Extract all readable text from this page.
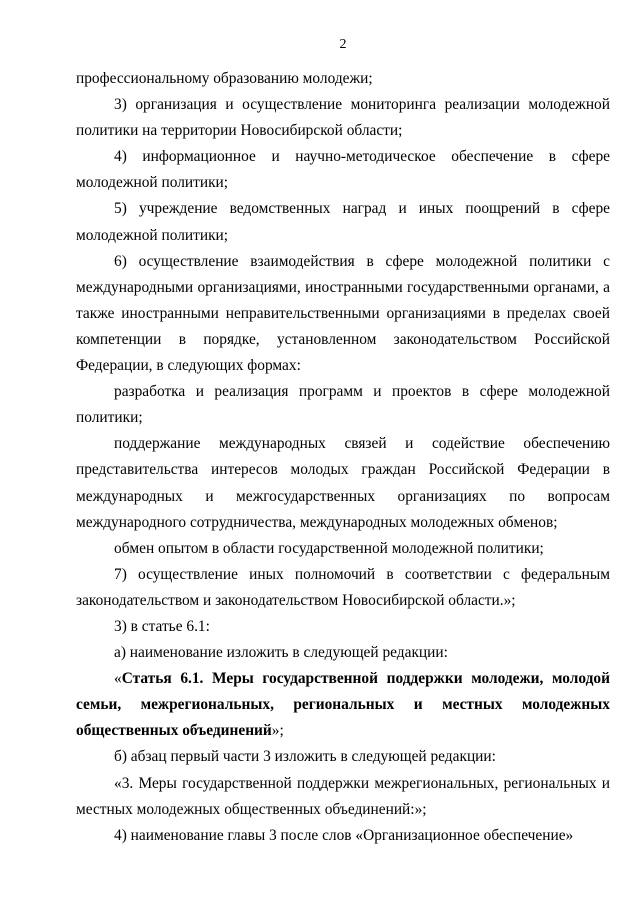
2

профессиональному образованию молодежи;

3) организация и осуществление мониторинга реализации молодежной политики на территории Новосибирской области;

4) информационное и научно-методическое обеспечение в сфере молодежной политики;

5) учреждение ведомственных наград и иных поощрений в сфере молодежной политики;

6) осуществление взаимодействия в сфере молодежной политики с международными организациями, иностранными государственными органами, а также иностранными неправительственными организациями в пределах своей компетенции в порядке, установленном законодательством Российской Федерации, в следующих формах:

разработка и реализация программ и проектов в сфере молодежной политики;

поддержание международных связей и содействие обеспечению представительства интересов молодых граждан Российской Федерации в международных и межгосударственных организациях по вопросам международного сотрудничества, международных молодежных обменов;

обмен опытом в области государственной молодежной политики;

7) осуществление иных полномочий в соответствии с федеральным законодательством и законодательством Новосибирской области.»;

3) в статье 6.1:

а) наименование изложить в следующей редакции:

«Статья 6.1. Меры государственной поддержки молодежи, молодой семьи, межрегиональных, региональных и местных молодежных общественных объединений»;

б) абзац первый части 3 изложить в следующей редакции:

«3. Меры государственной поддержки межрегиональных, региональных и местных молодежных общественных объединений:»;

4) наименование главы 3 после слов «Организационное обеспечение»
